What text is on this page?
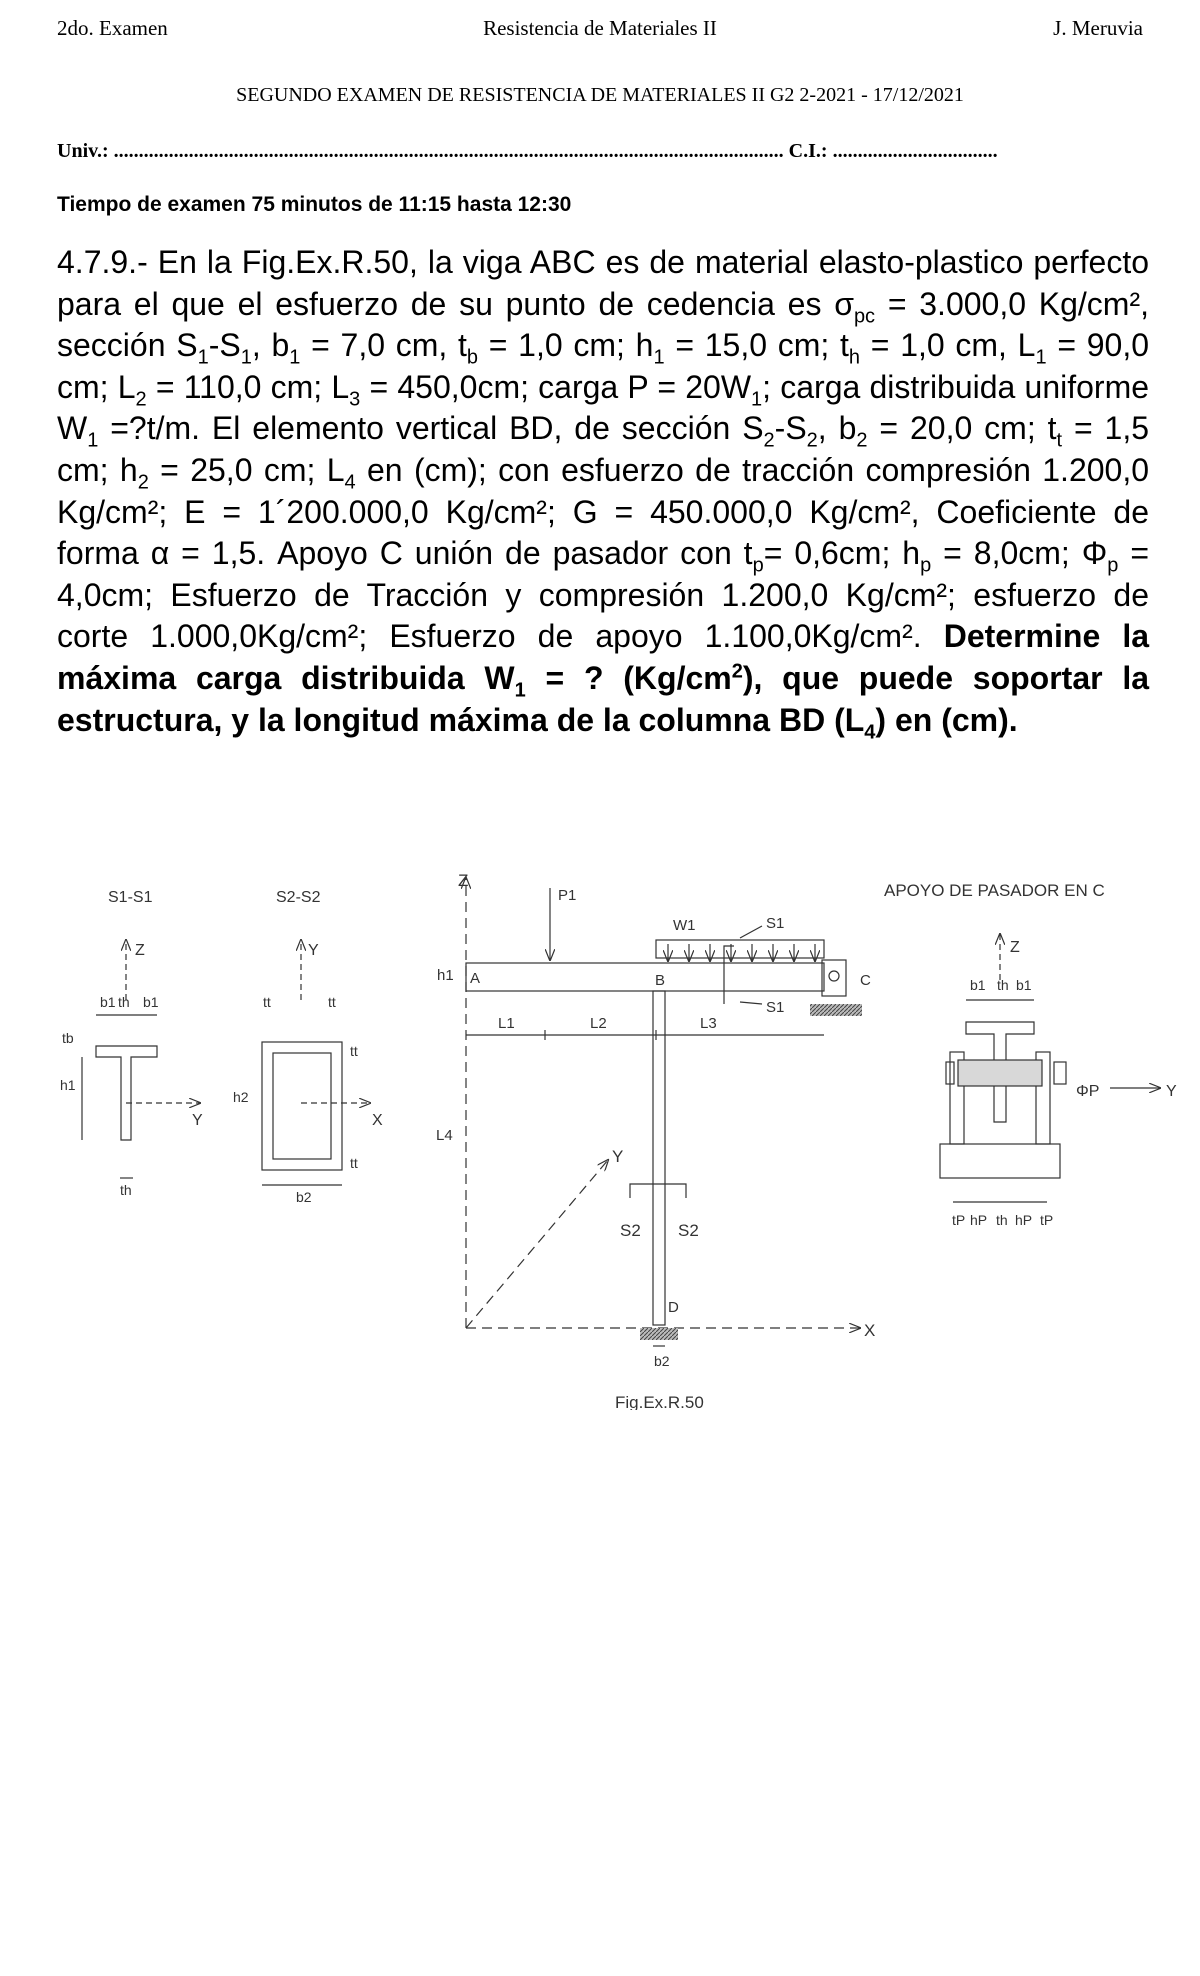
2do. Examen	Resistencia de Materiales II	J. Meruvia
SEGUNDO EXAMEN DE RESISTENCIA DE MATERIALES II G2 2-2021 - 17/12/2021
Univ.: ...................................................................................................................................... C.I.: .................................
Tiempo de examen 75 minutos de 11:15 hasta 12:30
4.7.9.- En la Fig.Ex.R.50, la viga ABC es de material elasto-plastico perfecto para el que el esfuerzo de su punto de cedencia es $\sigma_{pc} = 3.000,0$ Kg/cm², sección $S_1-S_1$, $b_1 = 7,0$ cm, $t_b = 1,0$ cm; $h_1 = 15,0$ cm; $t_h = 1,0$ cm, $L_1 = 90,0$ cm; $L_2 = 110,0$ cm; $L_3 = 450,0cm$; carga $P = 20W_1$; carga distribuida uniforme $W_1$ =?t/m. El elemento vertical BD, de sección $S_2-S_2$, $b_2 = 20,0$ cm; $t_t = 1,5$ cm; $h_2 = 25,0$ cm; $L_4$ en (cm); con esfuerzo de tracción compresión 1.200,0 Kg/cm²; E = 1´200.000,0 Kg/cm²; G = 450.000,0 Kg/cm², Coeficiente de forma α = 1,5. Apoyo C unión de pasador con $t_p= 0,6cm$; $h_p = 8,0cm$; $\Phi_p = 4,0cm$; Esfuerzo de Tracción y compresión 1.200,0 Kg/cm²; esfuerzo de corte 1.000,0Kg/cm²; Esfuerzo de apoyo 1.100,0Kg/cm². Determine la máxima carga distribuida $W_1$ = ? $(Kg/cm^2)$, que puede soportar la estructura, y la longitud máxima de la columna BD $(L_4)$ en (cm).
S1-S1
Z
b1 th b1
tb
h1
Y
th
S2-S2
Y
tt	tt
tt
tt
h2
X
b2
Z
X
Y
A	B
h1	C
P1
W1	S1
S1
L1	L2	L3
L4
S2 S2
D
b2
Fig.Ex.R.50
APOYO DE PASADOR EN C
Z
b1 th b1
ΦP	Y
tP hP th hP tP
